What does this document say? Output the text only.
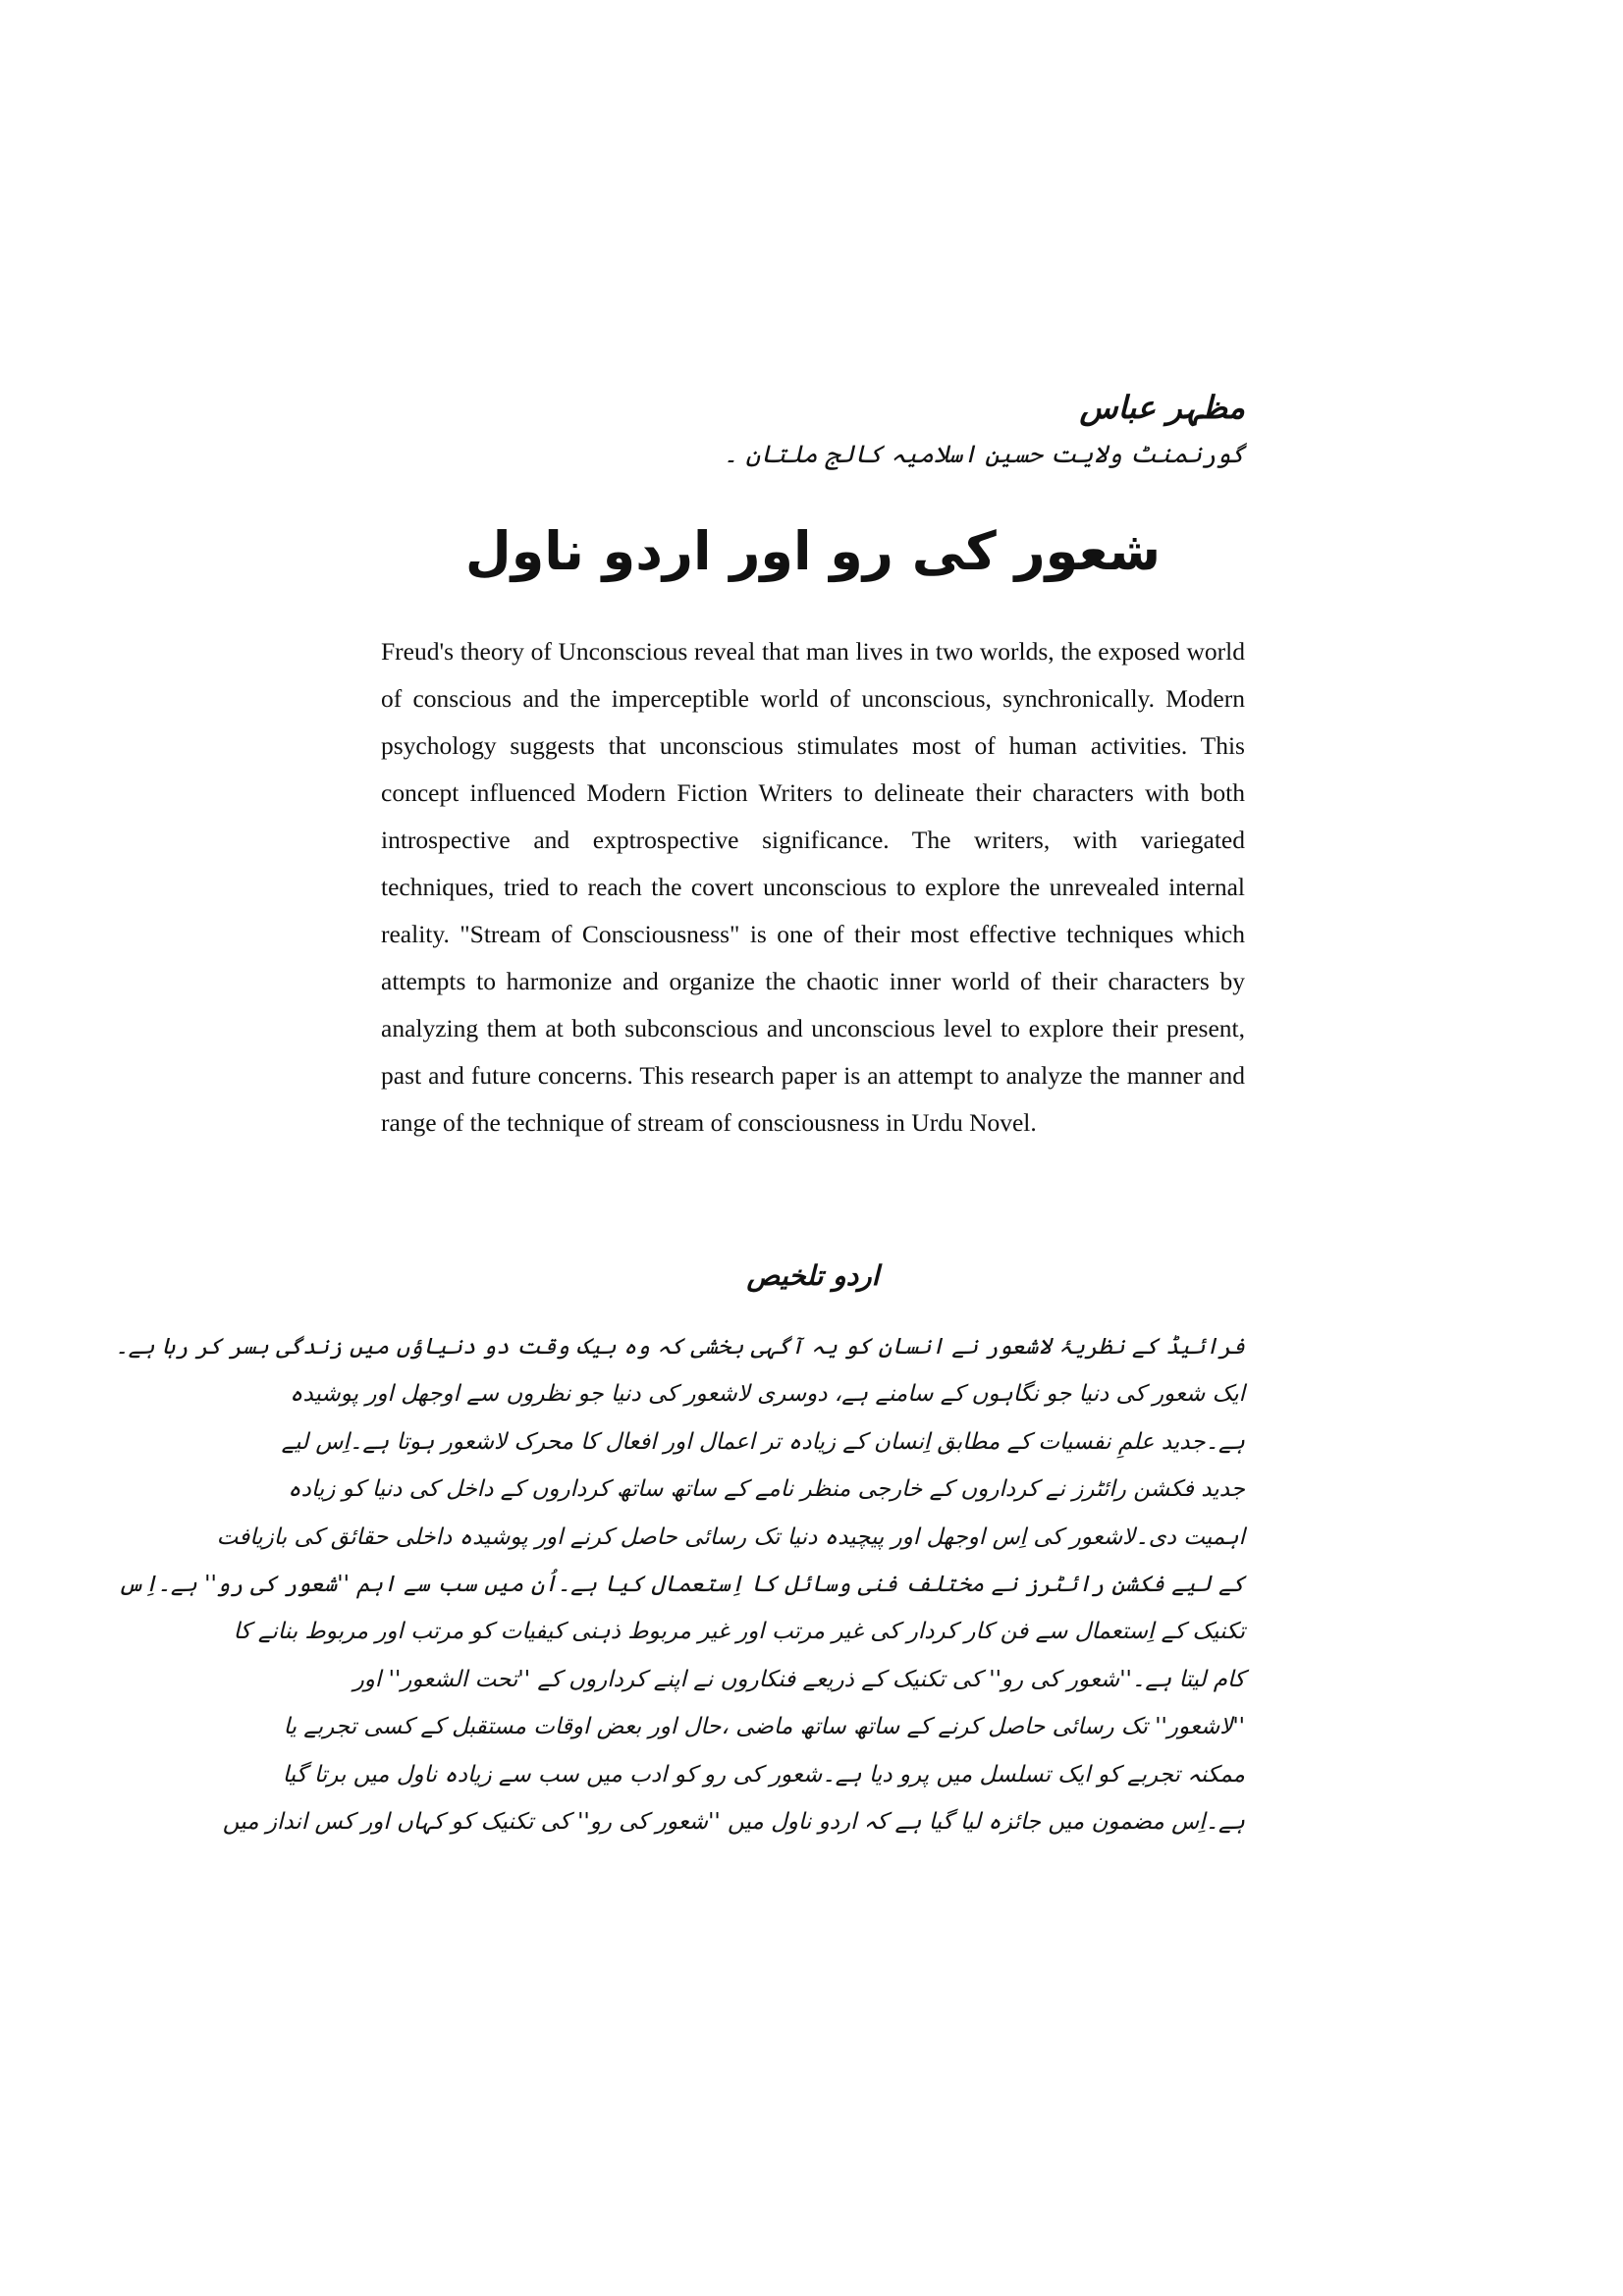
مظہر عباس
گورنمنٹ ولایت حسین اسلامیہ کالج ملتان ۔
شعور کی رو اور اردو ناول

Freud's theory of Unconscious reveal that man lives in two worlds, the exposed world of conscious and the imperceptible world of unconscious, synchronically. Modern psychology suggests that unconscious stimulates most of human activities. This concept influenced Modern Fiction Writers to delineate their characters with both introspective and exptrospective significance. The writers, with variegated techniques, tried to reach the covert unconscious to explore the unrevealed internal reality. "Stream of Consciousness" is one of their most effective techniques which attempts to harmonize and organize the chaotic inner world of their characters by analyzing them at both subconscious and unconscious level to explore their present, past and future concerns. This research paper is an attempt to analyze the manner and range of the technique of stream of consciousness in Urdu Novel.

اردو تلخیص
فرائیڈ کے نظریۂ لاشعور نے انسان کو یہ آگہی بخشی کہ وہ بیک وقت دو دنیاؤں میں زندگی بسر کر رہا ہے۔
ایک شعور کی دنیا جو نگاہوں کے سامنے ہے، دوسری لاشعور کی دنیا جو نظروں سے اوجھل اور پوشیدہ
ہے۔جدید علمِ نفسیات کے مطابق اِنسان کے زیادہ تر اعمال اور افعال کا محرک لاشعور ہوتا ہے۔اِس لیے
جدید فکشن رائٹرز نے کرداروں کے خارجی منظر نامے کے ساتھ ساتھ کرداروں کے داخل کی دنیا کو زیادہ
اہمیت دی۔لاشعور کی اِس اوجھل اور پیچیدہ دنیا تک رسائی حاصل کرنے اور پوشیدہ داخلی حقائق کی بازیافت
کے لیے فکشن رائٹرز نے مختلف فنی وسائل کا اِستعمال کیا ہے۔اُن میں سب سے اہم ''شعور کی رو'' ہے۔اِس
تکنیک کے اِستعمال سے فن کار کردار کی غیر مرتب اور غیر مربوط ذہنی کیفیات کو مرتب اور مربوط بنانے کا
کام لیتا ہے۔''شعور کی رو'' کی تکنیک کے ذریعے فنکاروں نے اپنے کرداروں کے ''تحت الشعور'' اور
''لاشعور'' تک رسائی حاصل کرنے کے ساتھ ساتھ ماضی ،حال اور بعض اوقات مستقبل کے کسی تجربے یا
ممکنہ تجربے کو ایک تسلسل میں پرو دیا ہے۔شعور کی رو کو ادب میں سب سے زیادہ ناول میں برتا گیا
ہے۔اِس مضمون میں جائزہ لیا گیا ہے کہ اردو ناول میں ''شعور کی رو'' کی تکنیک کو کہاں اور کس انداز میں
